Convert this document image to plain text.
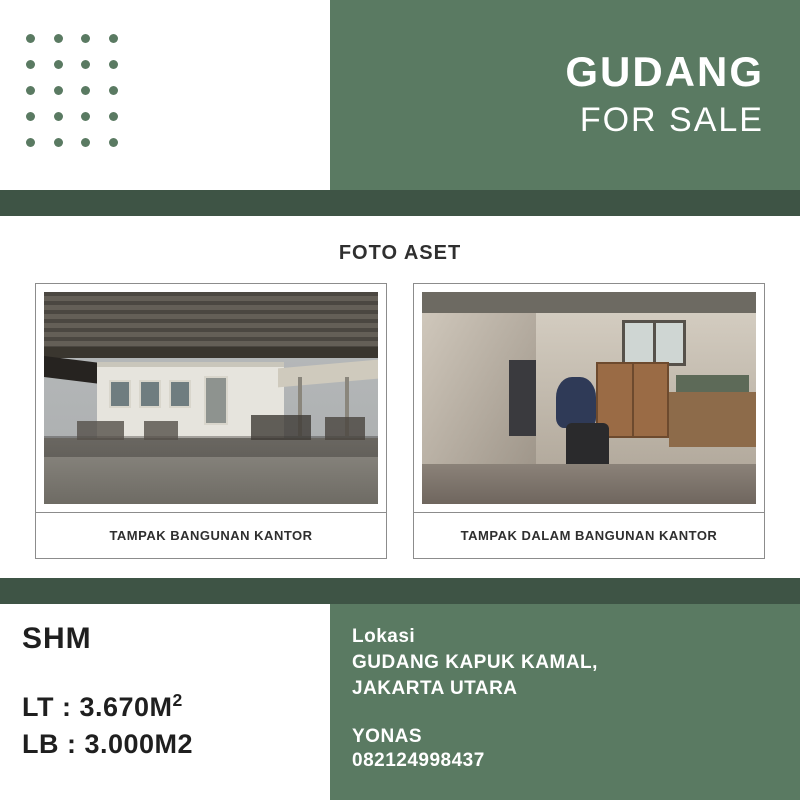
GUDANG
FOR SALE
FOTO ASET
TAMPAK BANGUNAN KANTOR	TAMPAK DALAM BANGUNAN KANTOR
SHM
LT : $3.670M^2$
LB : 3.000M2
Lokasi
GUDANG KAPUK KAMAL,
JAKARTA UTARA
YONAS
082124998437
